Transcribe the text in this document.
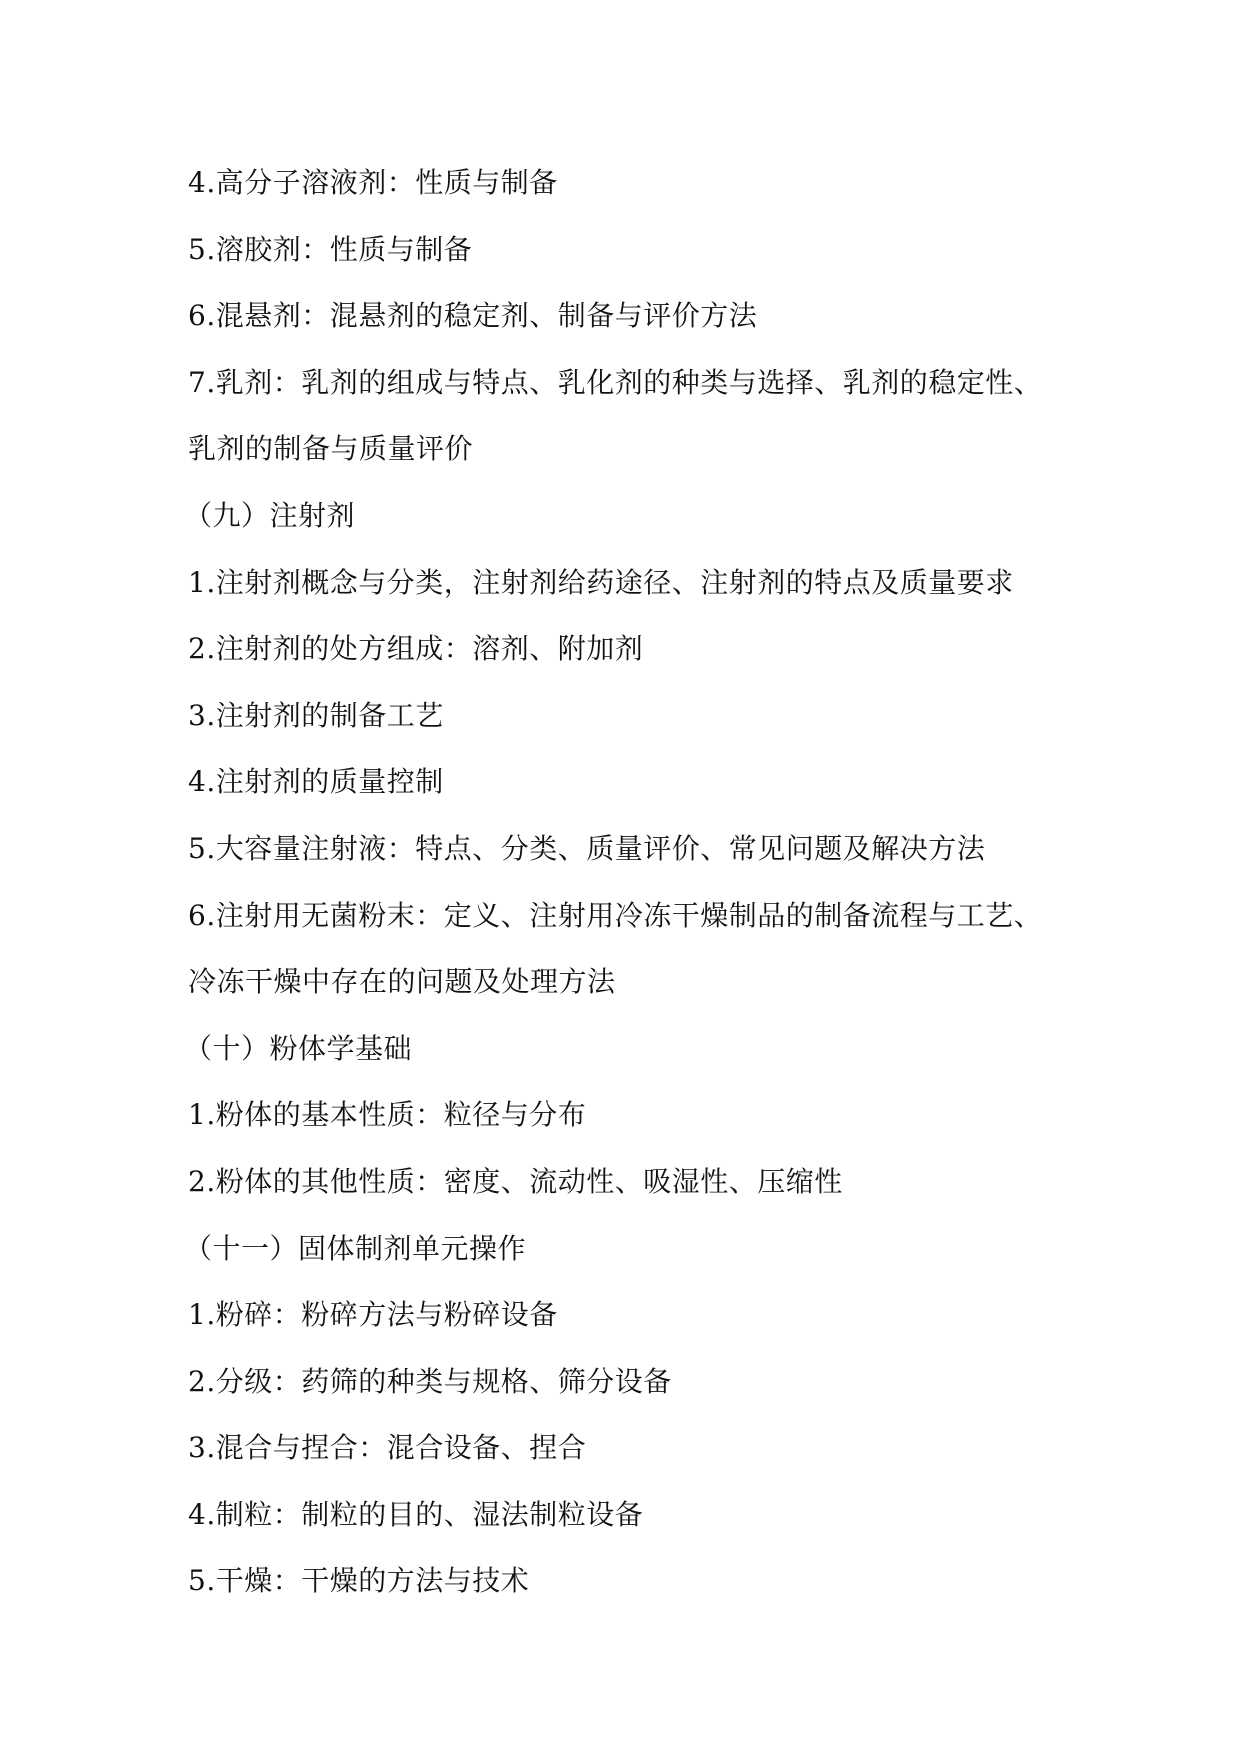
4.高分子溶液剂：性质与制备
5.溶胶剂：性质与制备
6.混悬剂：混悬剂的稳定剂、制备与评价方法
7.乳剂：乳剂的组成与特点、乳化剂的种类与选择、乳剂的稳定性、
乳剂的制备与质量评价
（九）注射剂
1.注射剂概念与分类，注射剂给药途径、注射剂的特点及质量要求
2.注射剂的处方组成：溶剂、附加剂
3.注射剂的制备工艺
4.注射剂的质量控制
5.大容量注射液：特点、分类、质量评价、常见问题及解决方法
6.注射用无菌粉末：定义、注射用冷冻干燥制品的制备流程与工艺、
冷冻干燥中存在的问题及处理方法
（十）粉体学基础
1.粉体的基本性质：粒径与分布
2.粉体的其他性质：密度、流动性、吸湿性、压缩性
（十一）固体制剂单元操作
1.粉碎：粉碎方法与粉碎设备
2.分级：药筛的种类与规格、筛分设备
3.混合与捏合：混合设备、捏合
4.制粒：制粒的目的、湿法制粒设备
5.干燥：干燥的方法与技术
